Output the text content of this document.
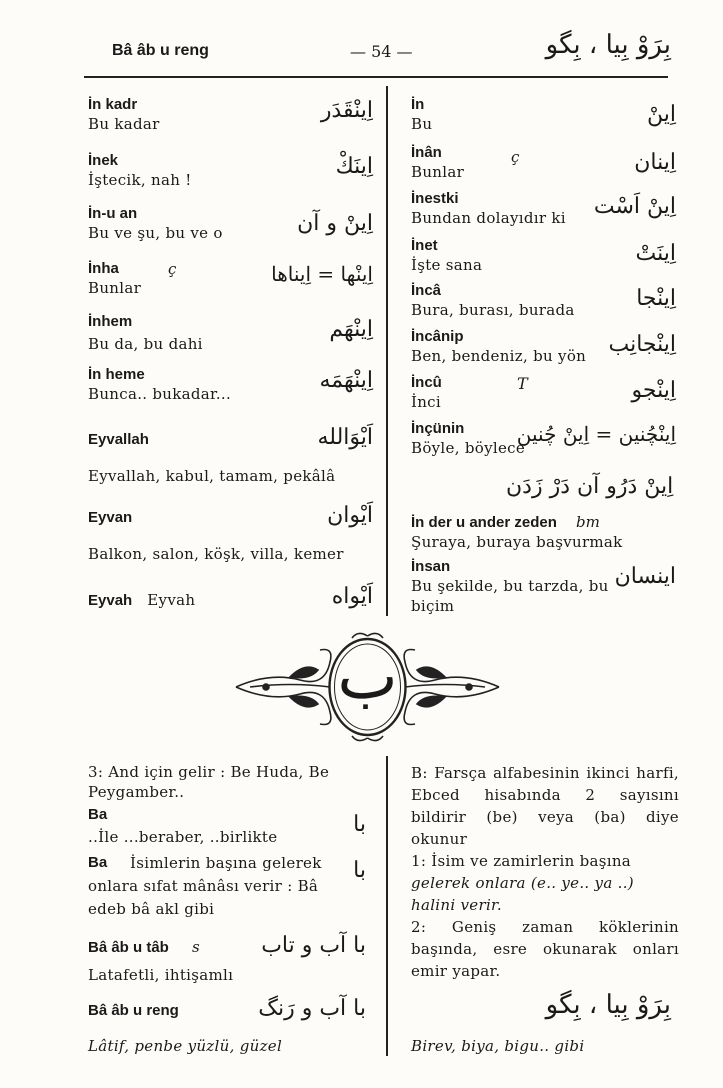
Bâ âb u reng	— 54 —	بِرَوْ بِيا ، بِگو
İn kadr
Bu kadar
اِینْقَدَر
İnek
İştecik, nah !
اِینَكْ
İn-u an
Bu ve şu, bu ve o	اِینْ و آن
İnha
Bunlar
ç	اِینْها = اِیناها
İnhem
Bu da, bu dahi
اِینْهَم
İn heme
Bunca.. bukadar...
اِینْهَمَه
Eyvallah
Eyvallah, kabul, tamam, pekâlâ
اَیْوَالله
Eyvan
Balkon, salon, köşk, villa, kemer
اَیْوان
Eyvah Eyvah	اَیْواه
İn
Bu	اِینْ
İnân
Bunlar
ç	اِینان
İnestki
Bundan dolayıdır ki	اِینْ اَسْت
İnet
İşte sana	اِینَتْ
İncâ
Bura, burası, burada	اِینْجا
İncânip
Ben, bendeniz, bu yön	اِینْجانِب
İncû
İnci
T	اِینْجو
İnçünin
Böyle, böylece
اِینْچُنین = اِینْ چُنین
اِینْ دَرُو آن دَرْ زَدَن
İn der u ander zeden bm
Şuraya, buraya başvurmak
İnsan
Bu şekilde, bu tarzda, bu biçim
اینسان
ب
3: And için gelir : Be Huda, Be Peygamber..
Ba
..İle ...beraber, ..birlikte	با
Ba	İsimlerin başına gelerek onlara sıfat mânâsı verir : Bâ edeb bâ akl gibi
با
Bâ âb u tâb s
Latafetli, ihtişamlı
با آب و تاب
Bâ âb u reng
Lâtif, penbe yüzlü, güzel
با آب و رَنگ
B: Farsça alfabesinin ikinci harfi, Ebced hisabında 2 sayısını bildirir (be) veya (ba) diye okunur
1: İsim ve zamirlerin başına
gelerek onlara (e.. ye.. ya ..) halini verir.
2: Geniş zaman köklerinin başında, esre okunarak onları emir yapar.
بِرَوْ بِيا ، بِگو
Birev, biya, bigu.. gibi
